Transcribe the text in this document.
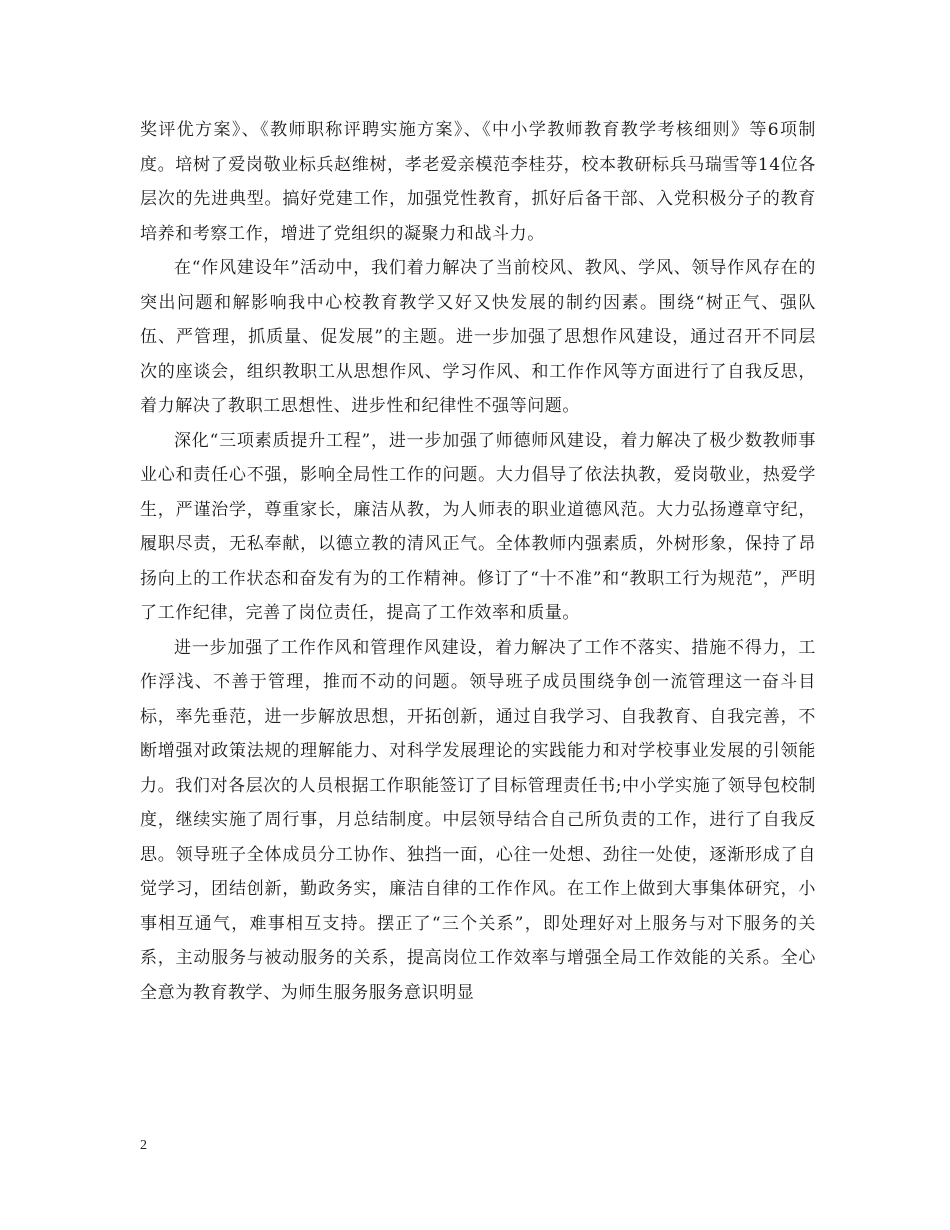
奖评优方案》、《教师职称评聘实施方案》、《中小学教师教育教学考核细则》等6项制度。培树了爱岗敬业标兵赵维树，孝老爱亲模范李桂芬，校本教研标兵马瑞雪等14位各层次的先进典型。搞好党建工作，加强党性教育，抓好后备干部、入党积极分子的教育培养和考察工作，增进了党组织的凝聚力和战斗力。

在“作风建设年”活动中，我们着力解决了当前校风、教风、学风、领导作风存在的突出问题和解影响我中心校教育教学又好又快发展的制约因素。围绕“树正气、强队伍、严管理，抓质量、促发展”的主题。进一步加强了思想作风建设，通过召开不同层次的座谈会，组织教职工从思想作风、学习作风、和工作作风等方面进行了自我反思，着力解决了教职工思想性、进步性和纪律性不强等问题。

深化“三项素质提升工程”，进一步加强了师德师风建设，着力解决了极少数教师事业心和责任心不强，影响全局性工作的问题。大力倡导了依法执教，爱岗敬业，热爱学生，严谨治学，尊重家长，廉洁从教，为人师表的职业道德风范。大力弘扬遵章守纪，履职尽责，无私奉献，以德立教的清风正气。全体教师内强素质，外树形象，保持了昂扬向上的工作状态和奋发有为的工作精神。修订了“十不准”和“教职工行为规范”，严明了工作纪律，完善了岗位责任，提高了工作效率和质量。

进一步加强了工作作风和管理作风建设，着力解决了工作不落实、措施不得力，工作浮浅、不善于管理，推而不动的问题。领导班子成员围绕争创一流管理这一奋斗目标，率先垂范，进一步解放思想，开拓创新，通过自我学习、自我教育、自我完善，不断增强对政策法规的理解能力、对科学发展理论的实践能力和对学校事业发展的引领能力。我们对各层次的人员根据工作职能签订了目标管理责任书;中小学实施了领导包校制度，继续实施了周行事，月总结制度。中层领导结合自己所负责的工作，进行了自我反思。领导班子全体成员分工协作、独挡一面，心往一处想、劲往一处使，逐渐形成了自觉学习，团结创新，勤政务实，廉洁自律的工作作风。在工作上做到大事集体研究，小事相互通气，难事相互支持。摆正了“三个关系”，即处理好对上服务与对下服务的关系，主动服务与被动服务的关系，提高岗位工作效率与增强全局工作效能的关系。全心全意为教育教学、为师生服务服务意识明显

2
